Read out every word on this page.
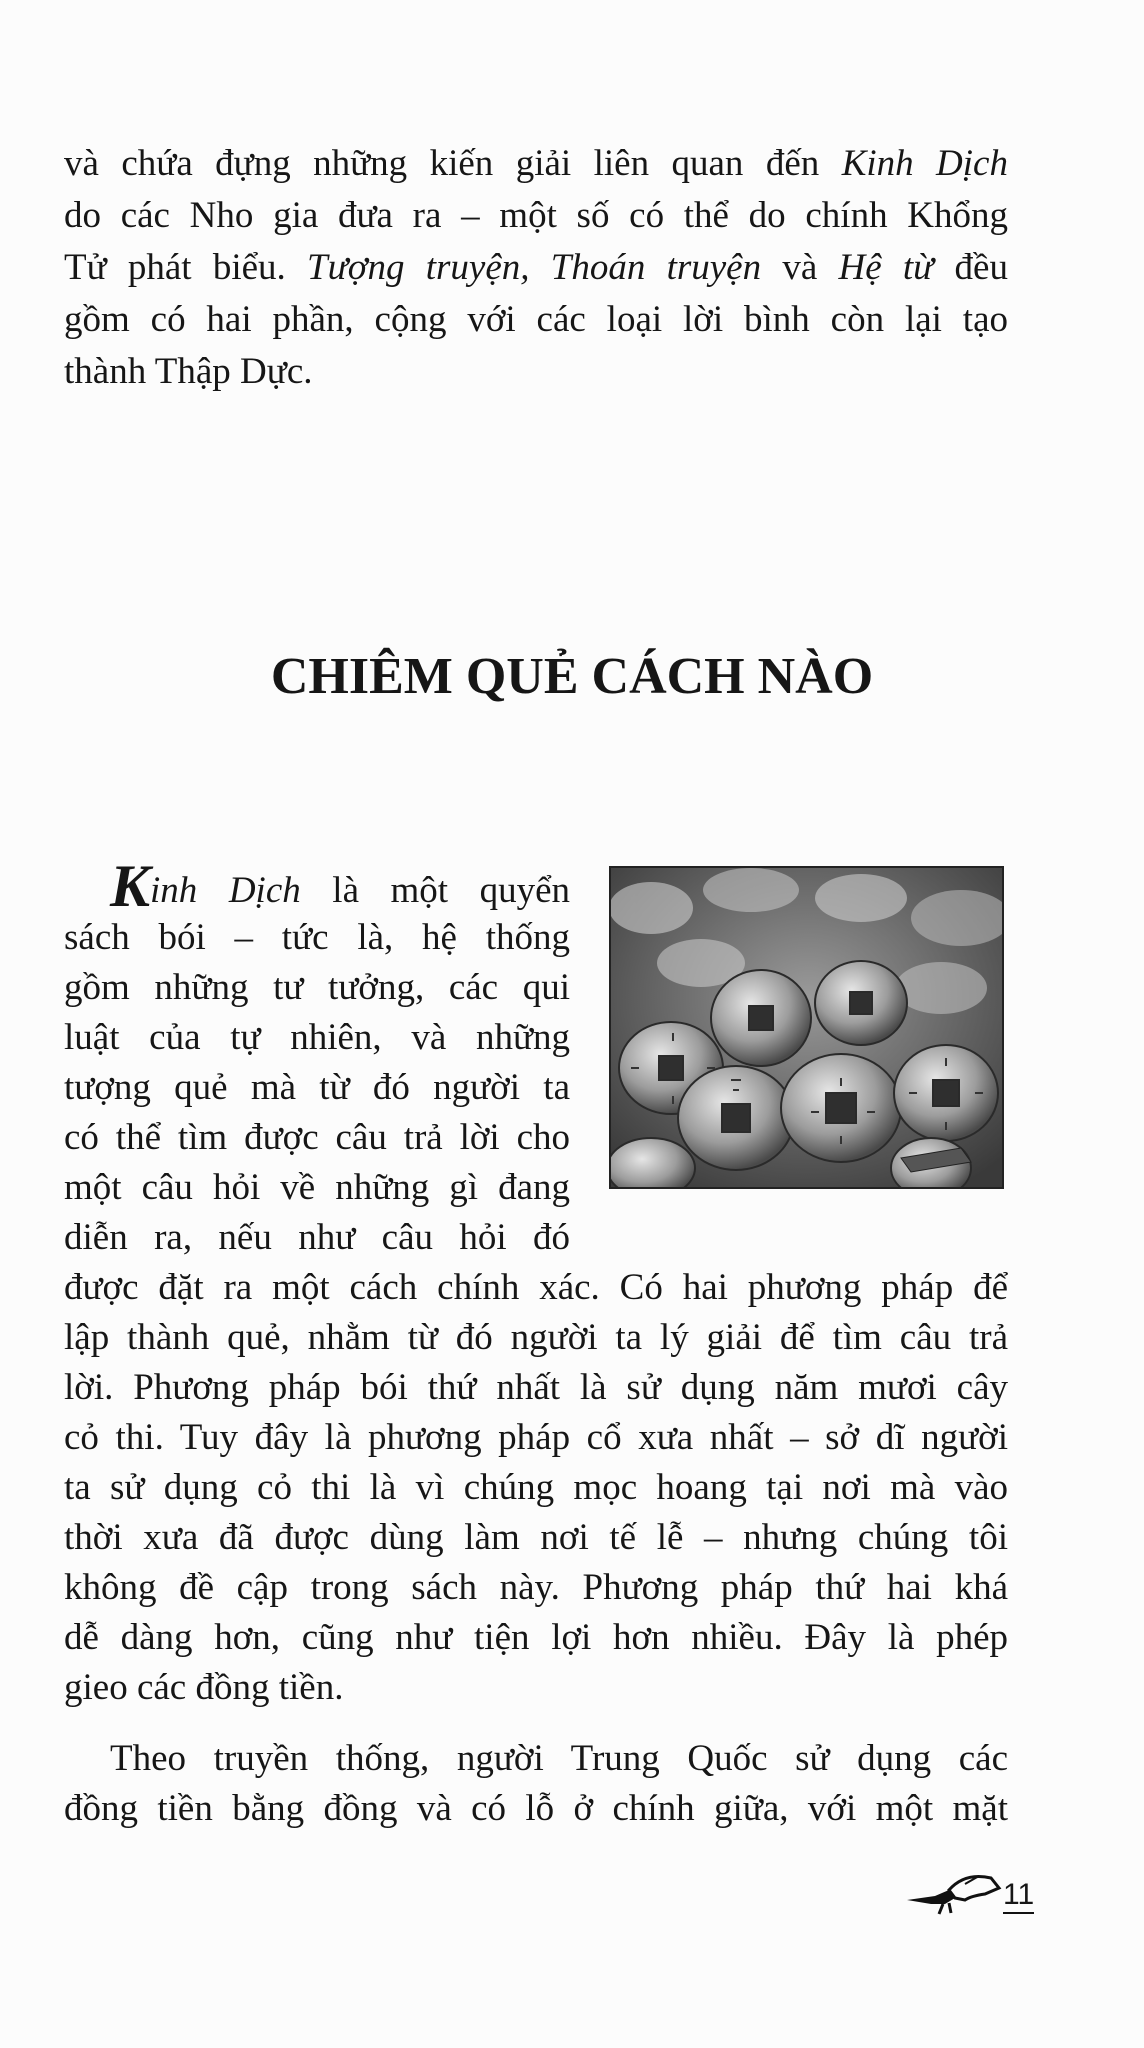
và chứa đựng những kiến giải liên quan đến Kinh Dịch
do các Nho gia đưa ra – một số có thể do chính Khổng
Tử phát biểu. Tượng truyện, Thoán truyện và Hệ từ đều
gồm có hai phần, cộng với các loại lời bình còn lại tạo
thành Thập Dực.
CHIÊM QUẺ CÁCH NÀO
Kinh Dịch là một quyển
sách bói – tức là, hệ thống
gồm những tư tưởng, các qui
luật của tự nhiên, và những
tượng quẻ mà từ đó người ta
có thể tìm được câu trả lời cho
một câu hỏi về những gì đang
diễn ra, nếu như câu hỏi đó
được đặt ra một cách chính xác. Có hai phương pháp để
lập thành quẻ, nhằm từ đó người ta lý giải để tìm câu trả
lời. Phương pháp bói thứ nhất là sử dụng năm mươi cây
cỏ thi. Tuy đây là phương pháp cổ xưa nhất – sở dĩ người
ta sử dụng cỏ thi là vì chúng mọc hoang tại nơi mà vào
thời xưa đã được dùng làm nơi tế lễ – nhưng chúng tôi
không đề cập trong sách này. Phương pháp thứ hai khá
dễ dàng hơn, cũng như tiện lợi hơn nhiều. Đây là phép
gieo các đồng tiền.
Theo truyền thống, người Trung Quốc sử dụng các
đồng tiền bằng đồng và có lỗ ở chính giữa, với một mặt
11
